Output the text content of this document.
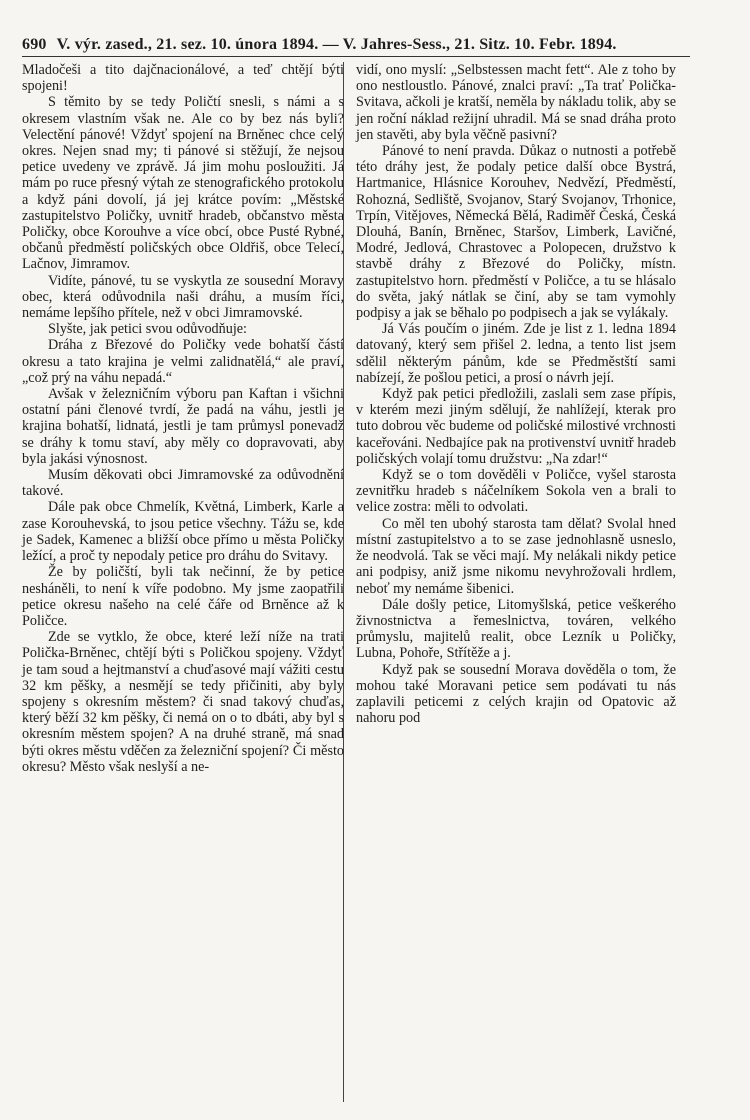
690 V. výr. zased., 21. sez. 10. února 1894. — V. Jahres-Sess., 21. Sitz. 10. Febr. 1894.

Mladočeši a tito dajčnacionálové, a teď chtějí býti spojeni!

S těmito by se tedy Poličtí snesli, s námi a s okresem vlastním však ne. Ale co by bez nás byli? Velectění pánové! Vždyť spojení na Brněnec chce celý okres. Nejen snad my; ti pánové si stěžují, že nejsou petice uvedeny ve zprávě. Já jim mohu posloužiti. Já mám po ruce přesný výtah ze stenografického protokolu a když páni dovolí, já jej krátce povím: „Městské zastupitelstvo Poličky, uvnitř hradeb, občanstvo města Poličky, obce Korouhve a více obcí, obce Pusté Rybné, občanů předměstí poličských obce Oldřiš, obce Telecí, Lačnov, Jimramov.

Vidíte, pánové, tu se vyskytla ze sousední Moravy obec, která odůvodnila naši dráhu, a musím říci, nemáme lepšího přítele, než v obci Jimramovské.

Slyšte, jak petici svou odůvodňuje:

Dráha z Březové do Poličky vede bohatší částí okresu a tato krajina je velmi zalidnatělá,“ ale praví, „což prý na váhu nepadá.“

Avšak v železničním výboru pan Kaftan i všichni ostatní páni členové tvrdí, že padá na váhu, jestli je krajina bohatší, lidnatá, jestli je tam průmysl ponevadž se dráhy k tomu staví, aby měly co dopravovati, aby byla jakási výnosnost.

Musím děkovati obci Jimramovské za odůvodnění takové.

Dále pak obce Chmelík, Květná, Limberk, Karle a zase Korouhevská, to jsou petice všechny. Tážu se, kde je Sadek, Kamenec a bližší obce přímo u města Poličky ležící, a proč ty nepodaly petice pro dráhu do Svitavy.

Že by poličští, byli tak nečinní, že by petice nesháněli, to není k víře podobno. My jsme zaopatřili petice okresu našeho na celé čáře od Brněnce až k Poličce.

Zde se vytklo, že obce, které leží níže na trati Polička-Brněnec, chtějí býti s Poličkou spojeny. Vždyť je tam soud a hejtmanství a chuďasové mají vážiti cestu 32 km pěšky, a nesmějí se tedy přičiniti, aby byly spojeny s okresním městem? či snad takový chuďas, který běží 32 km pěšky, či nemá on o to dbáti, aby byl s okresním městem spojen? A na druhé straně, má snad býti okres městu vděčen za železniční spojení? Či město okresu? Město však neslyší a ne-

vidí, ono myslí: „Selbstessen macht fett“. Ale z toho by ono nestloustlo. Pánové, znalci praví: „Ta trať Polička-Svitava, ačkoli je kratší, neměla by nákladu tolik, aby se jen roční náklad režijní uhradil. Má se snad dráha proto jen stavěti, aby byla věčně pasivní?

Pánové to není pravda. Důkaz o nutnosti a potřebě této dráhy jest, že podaly petice další obce Bystrá, Hartmanice, Hlásnice Korouhev, Nedvězí, Předměstí, Rohozná, Sedliště, Svojanov, Starý Svojanov, Trhonice, Trpín, Vitějoves, Německá Bělá, Radiměř Česká, Česká Dlouhá, Banín, Brněnec, Staršov, Limberk, Lavičné, Modré, Jedlová, Chrastovec a Polopecen, družstvo k stavbě dráhy z Březové do Poličky, místn. zastupitelstvo horn. předměstí v Poličce, a tu se hlásalo do světa, jaký nátlak se činí, aby se tam vymohly podpisy a jak se běhalo po podpisech a jak se vylákaly.

Já Vás poučím o jiném. Zde je list z 1. ledna 1894 datovaný, který sem přišel 2. ledna, a tento list jsem sdělil některým pánům, kde se Předměstští sami nabízejí, že pošlou petici, a prosí o návrh její.

Když pak petici předložili, zaslali sem zase přípis, v kterém mezi jiným sdělují, že nahlížejí, kterak pro tuto dobrou věc budeme od poličské milostivé vrchnosti kaceřováni. Nedbajíce pak na protivenství uvnitř hradeb poličských volají tomu družstvu: „Na zdar!“

Když se o tom dověděli v Poličce, vyšel starosta zevnitřku hradeb s náčelníkem Sokola ven a brali to velice zostra: měli to odvolati.

Co měl ten ubohý starosta tam dělat? Svolal hned místní zastupitelstvo a to se zase jednohlasně usneslo, že neodvolá. Tak se věci mají. My nelákali nikdy petice ani podpisy, aniž jsme nikomu nevyhrožovali hrdlem, neboť my nemáme šibenici.

Dále došly petice, Litomyšlská, petice veškerého živnostnictva a řemeslnictva, továren, velkého průmyslu, majitelů realit, obce Lezník u Poličky, Lubna, Pohoře, Střítěže a j.

Když pak se sousední Morava dověděla o tom, že mohou také Moravani petice sem podávati tu nás zaplavili peticemi z celých krajin od Opatovic až nahoru pod
